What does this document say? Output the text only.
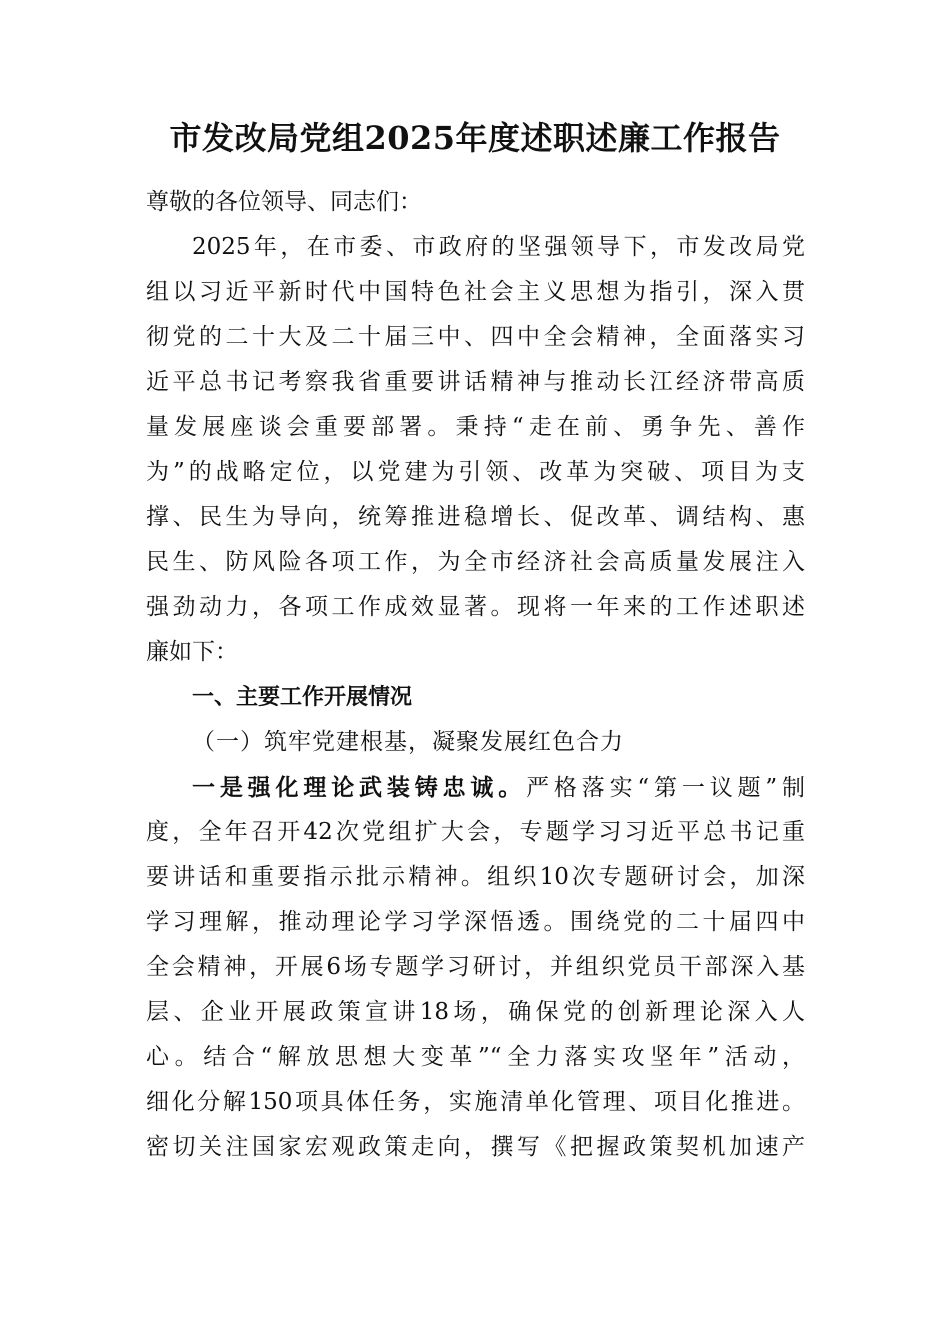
市发改局党组2025年度述职述廉工作报告
尊敬的各位领导、同志们：
2025年，在市委、市政府的坚强领导下，市发改局党
组以习近平新时代中国特色社会主义思想为指引，深入贯
彻党的二十大及二十届三中、四中全会精神，全面落实习
近平总书记考察我省重要讲话精神与推动长江经济带高质
量发展座谈会重要部署。秉持“走在前、勇争先、善作
为”的战略定位，以党建为引领、改革为突破、项目为支
撑、民生为导向，统筹推进稳增长、促改革、调结构、惠
民生、防风险各项工作，为全市经济社会高质量发展注入
强劲动力，各项工作成效显著。现将一年来的工作述职述
廉如下：
一、主要工作开展情况
（一）筑牢党建根基，凝聚发展红色合力
一是强化理论武装铸忠诚。严格落实“第一议题”制
度，全年召开42次党组扩大会，专题学习习近平总书记重
要讲话和重要指示批示精神。组织10次专题研讨会，加深
学习理解，推动理论学习学深悟透。围绕党的二十届四中
全会精神，开展6场专题学习研讨，并组织党员干部深入基
层、企业开展政策宣讲18场，确保党的创新理论深入人
心。结合“解放思想大变革”“全力落实攻坚年”活动，
细化分解150项具体任务，实施清单化管理、项目化推进。
密切关注国家宏观政策走向，撰写《把握政策契机加速产
